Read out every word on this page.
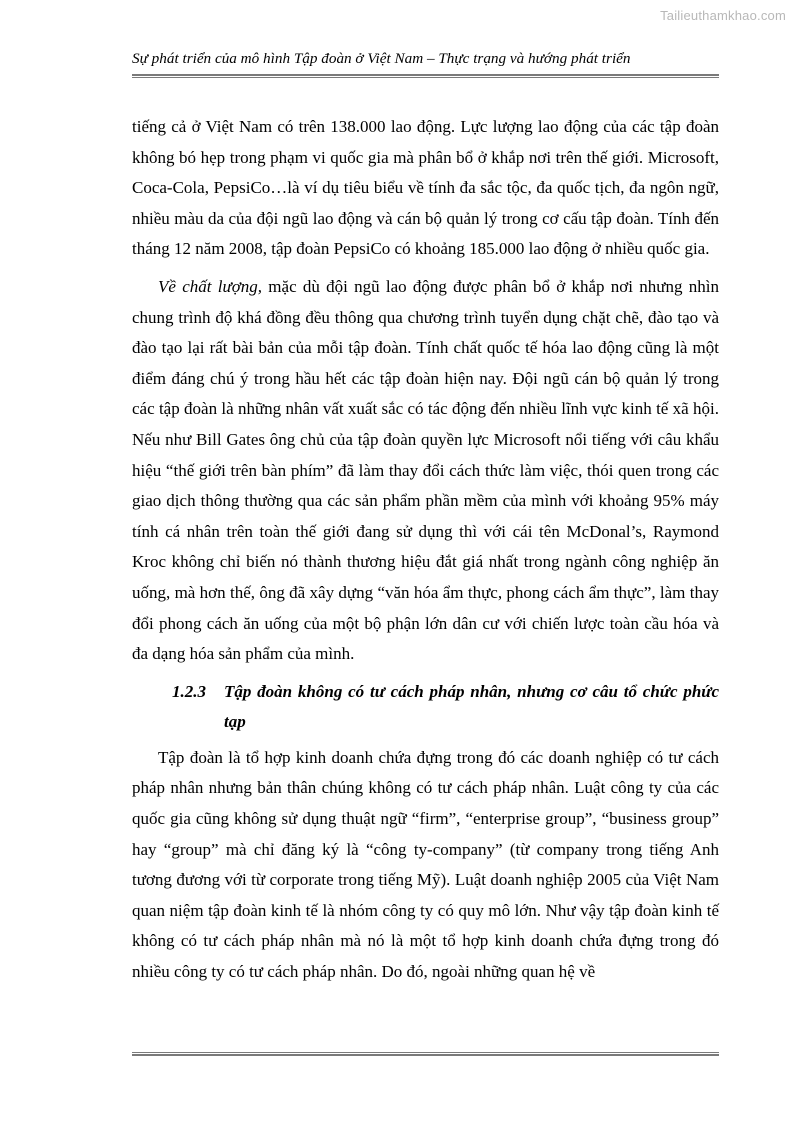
Tailieuthamkhao.com
Sự phát triển của mô hình Tập đoàn ở Việt Nam – Thực trạng và hướng phát triển

tiếng cả ở Việt Nam có trên 138.000 lao động. Lực lượng lao động của các tập đoàn không bó hẹp trong phạm vi quốc gia mà phân bổ ở khắp nơi trên thế giới. Microsoft, Coca-Cola, PepsiCo…là ví dụ tiêu biểu về tính đa sắc tộc, đa quốc tịch, đa ngôn ngữ, nhiều màu da của đội ngũ lao động và cán bộ quản lý trong cơ cấu tập đoàn. Tính đến tháng 12 năm 2008, tập đoàn PepsiCo có khoảng 185.000 lao động ở nhiều quốc gia.

Về chất lượng, mặc dù đội ngũ lao động được phân bổ ở khắp nơi nhưng nhìn chung trình độ khá đồng đều thông qua chương trình tuyển dụng chặt chẽ, đào tạo và đào tạo lại rất bài bản của mỗi tập đoàn. Tính chất quốc tế hóa lao động cũng là một điểm đáng chú ý trong hầu hết các tập đoàn hiện nay. Đội ngũ cán bộ quản lý trong các tập đoàn là những nhân vất xuất sắc có tác động đến nhiều lĩnh vực kinh tế xã hội. Nếu như Bill Gates ông chủ của tập đoàn quyền lực Microsoft nổi tiếng với câu khẩu hiệu “thế giới trên bàn phím” đã làm thay đổi cách thức làm việc, thói quen trong các giao dịch thông thường qua các sản phẩm phần mềm của mình với khoảng 95% máy tính cá nhân trên toàn thế giới đang sử dụng thì với cái tên McDonal’s, Raymond Kroc không chỉ biến nó thành thương hiệu đắt giá nhất trong ngành công nghiệp ăn uống, mà hơn thế, ông đã xây dựng “văn hóa ẩm thực, phong cách ẩm thực”, làm thay đổi phong cách ăn uống của một bộ phận lớn dân cư với chiến lược toàn cầu hóa và đa dạng hóa sản phẩm của mình.

1.2.3 Tập đoàn không có tư cách pháp nhân, nhưng cơ câu tổ chức phức tạp

Tập đoàn là tổ hợp kinh doanh chứa đựng trong đó các doanh nghiệp có tư cách pháp nhân nhưng bản thân chúng không có tư cách pháp nhân. Luật công ty của các quốc gia cũng không sử dụng thuật ngữ “firm”, “enterprise group”, “business group” hay “group” mà chỉ đăng ký là “công ty-company” (từ company trong tiếng Anh tương đương với từ corporate trong tiếng Mỹ). Luật doanh nghiệp 2005 của Việt Nam quan niệm tập đoàn kinh tế là nhóm công ty có quy mô lớn. Như vậy tập đoàn kinh tế không có tư cách pháp nhân mà nó là một tổ hợp kinh doanh chứa đựng trong đó nhiều công ty có tư cách pháp nhân. Do đó, ngoài những quan hệ về
